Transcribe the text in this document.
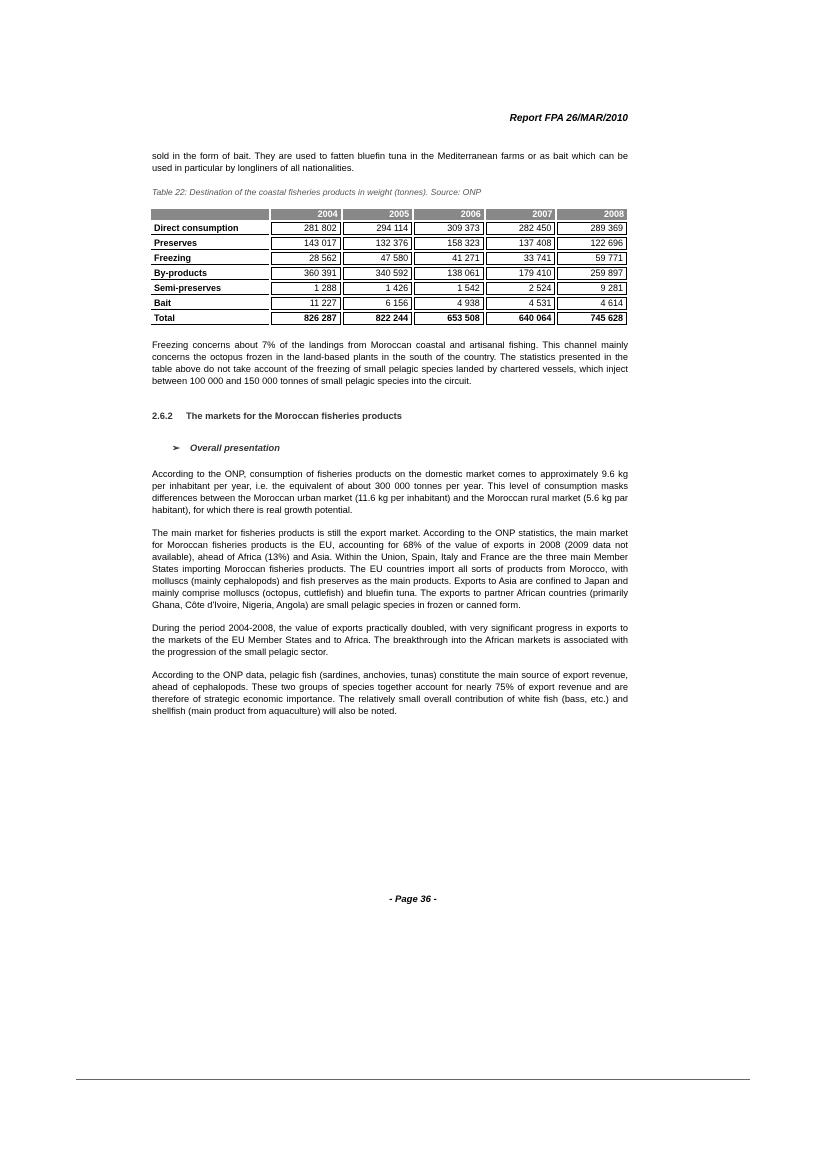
Report FPA 26/MAR/2010

sold in the form of bait. They are used to fatten bluefin tuna in the Mediterranean farms or as bait which can be used in particular by longliners of all nationalities.

Table 22: Destination of the coastal fisheries products in weight (tonnes). Source: ONP
	2004	2005	2006	2007	2008
Direct consumption	281 802	294 114	309 373	282 450	289 369
Preserves	143 017	132 376	158 323	137 408	122 696
Freezing	28 562	47 580	41 271	33 741	59 771
By-products	360 391	340 592	138 061	179 410	259 897
Semi-preserves	1 288	1 426	1 542	2 524	9 281
Bait	11 227	6 156	4 938	4 531	4 614
Total	826 287	822 244	653 508	640 064	745 628

Freezing concerns about 7% of the landings from Moroccan coastal and artisanal fishing. This channel mainly concerns the octopus frozen in the land-based plants in the south of the country. The statistics presented in the table above do not take account of the freezing of small pelagic species landed by chartered vessels, which inject between 100 000 and 150 000 tonnes of small pelagic species into the circuit.

2.6.2 The markets for the Moroccan fisheries products
➢ Overall presentation

According to the ONP, consumption of fisheries products on the domestic market comes to approximately 9.6 kg per inhabitant per year, i.e. the equivalent of about 300 000 tonnes per year. This level of consumption masks differences between the Moroccan urban market (11.6 kg per inhabitant) and the Moroccan rural market (5.6 kg par habitant), for which there is real growth potential.

The main market for fisheries products is still the export market. According to the ONP statistics, the main market for Moroccan fisheries products is the EU, accounting for 68% of the value of exports in 2008 (2009 data not available), ahead of Africa (13%) and Asia. Within the Union, Spain, Italy and France are the three main Member States importing Moroccan fisheries products. The EU countries import all sorts of products from Morocco, with molluscs (mainly cephalopods) and fish preserves as the main products. Exports to Asia are confined to Japan and mainly comprise molluscs (octopus, cuttlefish) and bluefin tuna. The exports to partner African countries (primarily Ghana, Côte d'Ivoire, Nigeria, Angola) are small pelagic species in frozen or canned form.

During the period 2004-2008, the value of exports practically doubled, with very significant progress in exports to the markets of the EU Member States and to Africa. The breakthrough into the African markets is associated with the progression of the small pelagic sector.

According to the ONP data, pelagic fish (sardines, anchovies, tunas) constitute the main source of export revenue, ahead of cephalopods. These two groups of species together account for nearly 75% of export revenue and are therefore of strategic economic importance. The relatively small overall contribution of white fish (bass, etc.) and shellfish (main product from aquaculture) will also be noted.

- Page 36 -
